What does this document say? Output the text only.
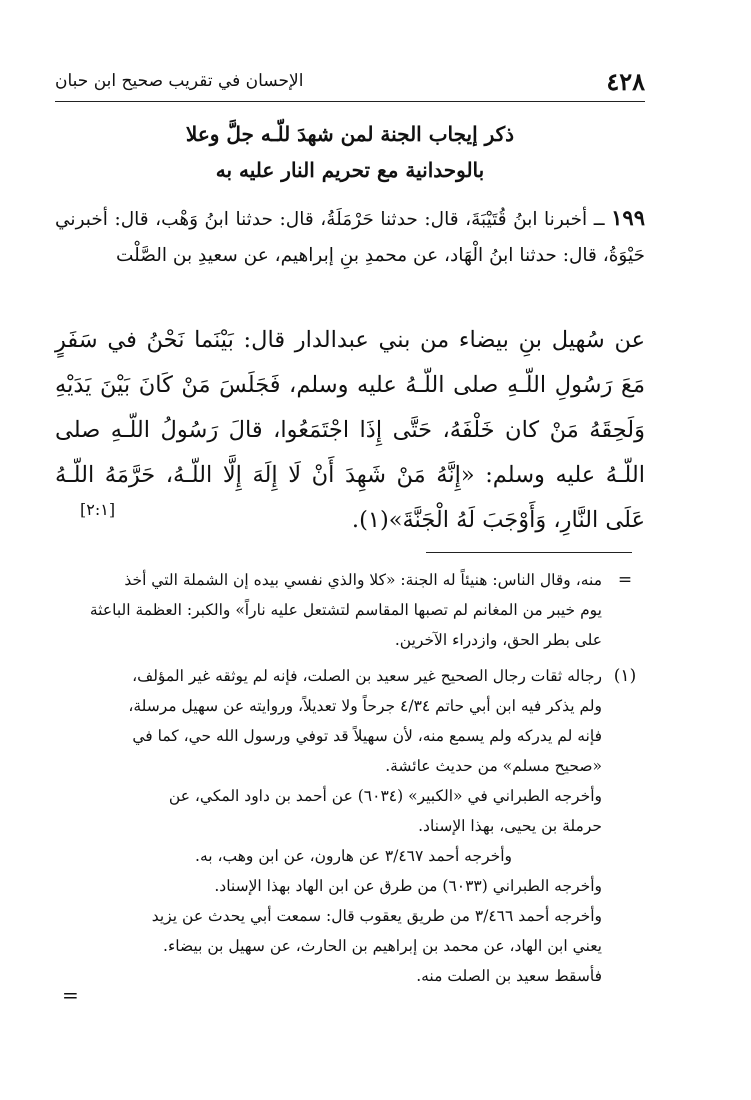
٤٢٨
الإحسان في تقريب صحيح ابن حبان
ذكر إيجاب الجنة لمن شهدَ للّـه جلَّ وعلا
بالوحدانية مع تحريم النار عليه به
١٩٩ ــ أخبرنا ابنُ قُتَيْبَةَ، قال: حدثنا حَرْمَلَةُ، قال: حدثنا ابنُ وَهْب، قال: أخبرني حَيْوَةُ، قال: حدثنا ابنُ الْهَاد، عن محمدِ بنِ إبراهيم، عن سعيدِ بن الصَّلْت
عن سُهيل بنِ بيضاء من بني عبدالدار قال: بَيْنَما نَحْنُ في سَفَرٍ مَعَ رَسُولِ اللّـهِ صلى اللّـهُ عليه وسلم، فَجَلَسَ مَنْ كَانَ بَيْنَ يَدَيْهِ وَلَحِقَهُ مَنْ كان خَلْفَهُ، حَتَّى إِذَا اجْتَمَعُوا، قالَ رَسُولُ اللّـهِ صلى اللّـهُ عليه وسلم: «إِنَّهُ مَنْ شَهِدَ أَنْ لَا إِلَهَ إِلَّا اللّـهُ، حَرَّمَهُ اللّـهُ عَلَى النَّارِ، وَأَوْجَبَ لَهُ الْجَنَّةَ»(١).
[٢:١]
=

منه، وقال الناس: هنيئاً له الجنة: «كلا والذي نفسي بيده إن الشملة التي أخذ

يوم خيبر من المغانم لم تصبها المقاسم لتشتعل عليه ناراً» والكبر: العظمة الباعثة

على بطر الحق، وازدراء الآخرين.

(١)

رجاله ثقات رجال الصحيح غير سعيد بن الصلت، فإنه لم يوثقه غير المؤلف،

ولم يذكر فيه ابن أبي حاتم ٤/٣٤ جرحاً ولا تعديلاً، وروايته عن سهيل مرسلة،

فإنه لم يدركه ولم يسمع منه، لأن سهيلاً قد توفي ورسول الله حي، كما في

«صحيح مسلم» من حديث عائشة.

وأخرجه الطبراني في «الكبير» (٦٠٣٤) عن أحمد بن داود المكي، عن

حرملة بن يحيى، بهذا الإسناد.

وأخرجه أحمد ٣/٤٦٧ عن هارون، عن ابن وهب، به.

وأخرجه الطبراني (٦٠٣٣) من طرق عن ابن الهاد بهذا الإسناد.

وأخرجه أحمد ٣/٤٦٦ من طريق يعقوب قال: سمعت أبي يحدث عن يزيد

يعني ابن الهاد، عن محمد بن إبراهيم بن الحارث، عن سهيل بن بيضاء.

فأسقط سعيد بن الصلت منه.

=
